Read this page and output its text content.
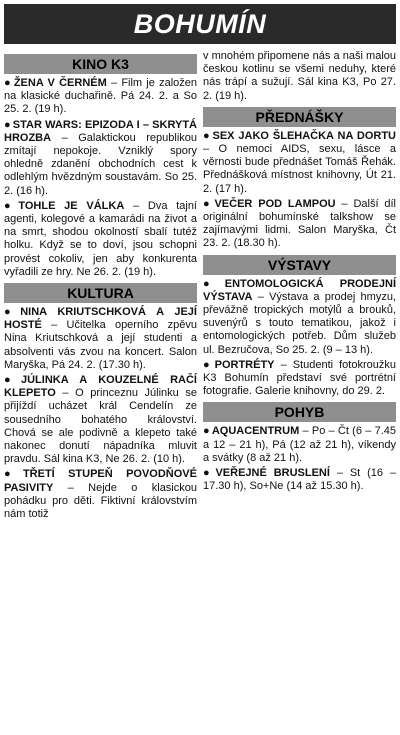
BOHUMÍN
KINO K3
● ŽENA V ČERNÉM – Film je založen na klasické duchařině. Pá 24. 2. a So 25. 2. (19 h).
● STAR WARS: EPIZODA I – SKRYTÁ HROZBA – Galaktickou republikou zmítají nepokoje. Vzniklý spory ohledně zdanění obchodních cest k odlehlým hvězdným soustavám. So 25. 2. (16 h).
● TOHLE JE VÁLKA – Dva tajní agenti, kolegové a kamarádi na život a na smrt, shodou okolností sbalí tutéž holku. Když se to doví, jsou schopni provést cokoliv, jen aby konkurenta vyřadili ze hry. Ne 26. 2. (19 h).
KULTURA
● NINA KRIUTSCHKOVÁ A JEJÍ HOSTÉ – Učitelka operního zpěvu Nina Kriutschková a její studenti a absolventi vás zvou na koncert. Salon Maryška, Pá 24. 2. (17.30 h).
● JÚLINKA A KOUZELNÉ RAČÍ KLEPETO – O princeznu Júlinku se přijíždí ucházet král Cendelín ze sousedního bohatého království. Chová se ale podivně a klepeto také nakonec donutí nápadníka mluvit pravdu. Sál kina K3, Ne 26. 2. (10 h).
● TŘETÍ STUPEŇ POVODŇOVÉ PASIVITY – Nejde o klasickou pohádku pro děti. Fiktivní královstvím nám totiž
v mnohém připomene nás a naši malou českou kotlinu se všemi neduhy, které nás trápí a sužují. Sál kina K3, Po 27. 2. (19 h).
PŘEDNÁŠKY
● SEX JAKO ŠLEHAČKA NA DORTU – O nemoci AIDS, sexu, lásce a věrnosti bude přednášet Tomáš Řehák. Přednášková místnost knihovny, Út 21. 2. (17 h).
● VEČER POD LAMPOU – Další díl originální bohumínské talkshow se zajímavými lidmi. Salon Maryška, Čt 23. 2. (18.30 h).
VÝSTAVY
● ENTOMOLOGICKÁ PRODEJNÍ VÝSTAVA – Výstava a prodej hmyzu, převážně tropických motýlů a brouků, suvenýrů s touto tematikou, jakož i entomologických potřeb. Dům služeb ul. Bezručova, So 25. 2. (9 – 13 h).
● PORTRÉTY – Studenti fotokroužku K3 Bohumín představí své portrétní fotografie. Galerie knihovny, do 29. 2.
POHYB
● AQUACENTRUM – Po – Čt (6 – 7.45 a 12 – 21 h), Pá (12 až 21 h), víkendy a svátky (8 až 21 h).
● VEŘEJNÉ BRUSLENÍ – St (16 – 17.30 h), So+Ne (14 až 15.30 h).
